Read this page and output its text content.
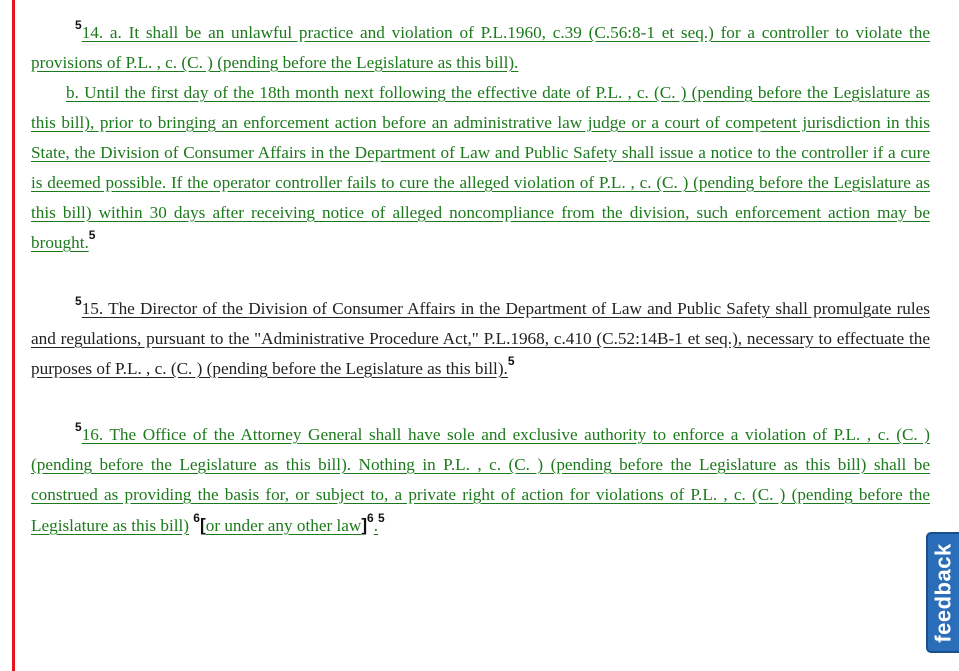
$^5$14. a. It shall be an unlawful practice and violation of P.L.1960, c.39 (C.56:8-1 et seq.) for a controller to violate the provisions of P.L. , c. (C. ) (pending before the Legislature as this bill).

b. Until the first day of the 18th month next following the effective date of P.L. , c. (C. ) (pending before the Legislature as this bill), prior to bringing an enforcement action before an administrative law judge or a court of competent jurisdiction in this State, the Division of Consumer Affairs in the Department of Law and Public Safety shall issue a notice to the controller if a cure is deemed possible. If the operator controller fails to cure the alleged violation of P.L. , c. (C. ) (pending before the Legislature as this bill) within 30 days after receiving notice of alleged noncompliance from the division, such enforcement action may be brought.$^5$

$^5$15. The Director of the Division of Consumer Affairs in the Department of Law and Public Safety shall promulgate rules and regulations, pursuant to the "Administrative Procedure Act," P.L.1968, c.410 (C.52:14B-1 et seq.), necessary to effectuate the purposes of P.L. , c. (C. ) (pending before the Legislature as this bill).$^5$

$^5$16. The Office of the Attorney General shall have sole and exclusive authority to enforce a violation of P.L. , c. (C. ) (pending before the Legislature as this bill). Nothing in P.L. , c. (C. ) (pending before the Legislature as this bill) shall be construed as providing the basis for, or subject to, a private right of action for violations of P.L. , c. (C. ) (pending before the Legislature as this bill) $^6$[or under any other law]$^6$.$^5$

feedback
